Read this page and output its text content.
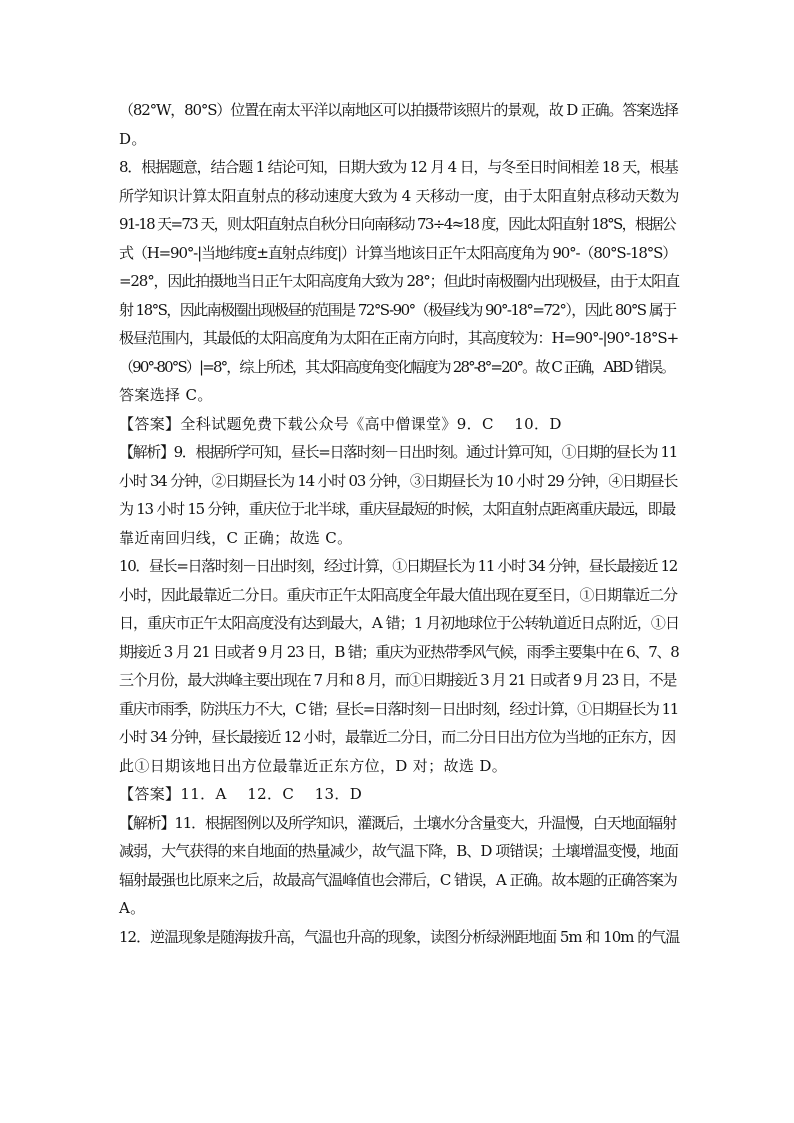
（82°W，80°S）位置在南太平洋以南地区可以拍摄带该照片的景观，故 D 正确。答案选择
D。
8．根据题意，结合题 1 结论可知，日期大致为 12 月 4 日，与冬至日时间相差 18 天，根基
所学知识计算太阳直射点的移动速度大致为 4 天移动一度，由于太阳直射点移动天数为
91-18 天=73 天，则太阳直射点自秋分日向南移动 73÷4≈18 度，因此太阳直射 18°S，根据公
式（H=90°-|当地纬度±直射点纬度|）计算当地该日正午太阳高度角为 90°-（80°S-18°S）
=28°，因此拍摄地当日正午太阳高度角大致为 28°；但此时南极圈内出现极昼，由于太阳直
射 18°S，因此南极圈出现极昼的范围是 72°S-90°（极昼线为 90°-18°=72°），因此 80°S 属于
极昼范围内，其最低的太阳高度角为太阳在正南方向时，其高度较为：H=90°-|90°-18°S+
（90°-80°S）|=8°，综上所述，其太阳高度角变化幅度为 28°-8°=20°。故 C 正确，ABD 错误。
答案选择 C。
【答案】全科试题免费下载公众号《高中僧课堂》9．C　 10．D
【解析】9．根据所学可知，昼长=日落时刻－日出时刻。通过计算可知，①日期的昼长为 11
小时 34 分钟，②日期昼长为 14 小时 03 分钟，③日期昼长为 10 小时 29 分钟，④日期昼长
为 13 小时 15 分钟，重庆位于北半球，重庆昼最短的时候，太阳直射点距离重庆最远，即最
靠近南回归线，C 正确；故选 C。
10．昼长=日落时刻－日出时刻，经过计算，①日期昼长为 11 小时 34 分钟，昼长最接近 12
小时，因此最靠近二分日。重庆市正午太阳高度全年最大值出现在夏至日，①日期靠近二分
日，重庆市正午太阳高度没有达到最大，A 错；1 月初地球位于公转轨道近日点附近，①日
期接近 3 月 21 日或者 9 月 23 日，B 错；重庆为亚热带季风气候，雨季主要集中在 6、7、8
三个月份，最大洪峰主要出现在 7 月和 8 月，而①日期接近 3 月 21 日或者 9 月 23 日，不是
重庆市雨季，防洪压力不大，C 错；昼长=日落时刻－日出时刻，经过计算，①日期昼长为 11
小时 34 分钟，昼长最接近 12 小时，最靠近二分日，而二分日日出方位为当地的正东方，因
此①日期该地日出方位最靠近正东方位，D 对；故选 D。
【答案】11．A　 12．C　 13．D
【解析】11．根据图例以及所学知识，灌溉后，土壤水分含量变大，升温慢，白天地面辐射
减弱，大气获得的来自地面的热量减少，故气温下降，B、D 项错误；土壤增温变慢，地面
辐射最强也比原来之后，故最高气温峰值也会滞后，C 错误，A 正确。故本题的正确答案为
A。
12．逆温现象是随海拔升高，气温也升高的现象，读图分析绿洲距地面 5m 和 10m 的气温
